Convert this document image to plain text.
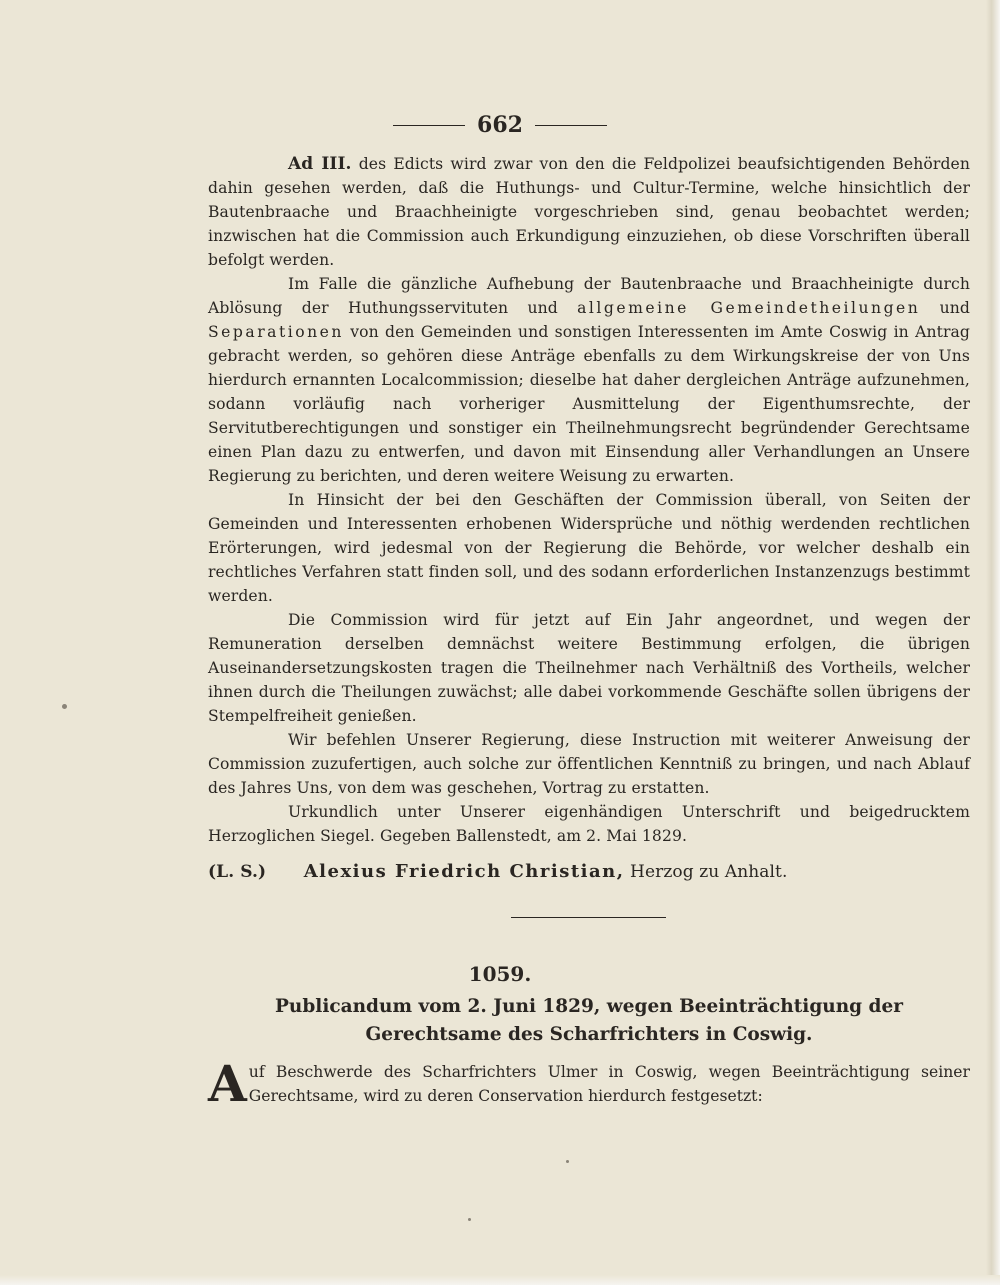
662

Ad III. des Edicts wird zwar von den die Feldpolizei beaufsichtigenden Behörden dahin gesehen werden, daß die Huthungs- und Cultur-Termine, welche hinsichtlich der Bautenbraache und Braachheinigte vorgeschrieben sind, genau beobachtet werden; inzwischen hat die Commission auch Erkundigung einzuziehen, ob diese Vorschriften überall befolgt werden.

Im Falle die gänzliche Aufhebung der Bautenbraache und Braachheinigte durch Ablösung der Huthungsservituten und allgemeine Gemeindetheilungen und Separationen von den Gemeinden und sonstigen Interessenten im Amte Coswig in Antrag gebracht werden, so gehören diese Anträge ebenfalls zu dem Wirkungskreise der von Uns hierdurch ernannten Localcommission; dieselbe hat daher dergleichen Anträge aufzunehmen, sodann vorläufig nach vorheriger Ausmittelung der Eigenthumsrechte, der Servitutberechtigungen und sonstiger ein Theilnehmungsrecht begründender Gerechtsame einen Plan dazu zu entwerfen, und davon mit Einsendung aller Verhandlungen an Unsere Regierung zu berichten, und deren weitere Weisung zu erwarten.

In Hinsicht der bei den Geschäften der Commission überall, von Seiten der Gemeinden und Interessenten erhobenen Widersprüche und nöthig werdenden rechtlichen Erörterungen, wird jedesmal von der Regierung die Behörde, vor welcher deshalb ein rechtliches Verfahren statt finden soll, und des sodann erforderlichen Instanzenzugs bestimmt werden.

Die Commission wird für jetzt auf Ein Jahr angeordnet, und wegen der Remuneration derselben demnächst weitere Bestimmung erfolgen, die übrigen Auseinandersetzungskosten tragen die Theilnehmer nach Verhältniß des Vortheils, welcher ihnen durch die Theilungen zuwächst; alle dabei vorkommende Geschäfte sollen übrigens der Stempelfreiheit genießen.

Wir befehlen Unserer Regierung, diese Instruction mit weiterer Anweisung der Commission zuzufertigen, auch solche zur öffentlichen Kenntniß zu bringen, und nach Ablauf des Jahres Uns, von dem was geschehen, Vortrag zu erstatten.

Urkundlich unter Unserer eigenhändigen Unterschrift und beigedrucktem Herzoglichen Siegel. Gegeben Ballenstedt, am 2. Mai 1829.

(L. S.) Alexius Friedrich Christian, Herzog zu Anhalt.

1059.
Publicandum vom 2. Juni 1829, wegen Beeinträchtigung der Gerechtsame des Scharfrichters in Coswig.
A uf Beschwerde des Scharfrichters Ulmer in Coswig, wegen Beeinträchtigung seiner Gerechtsame, wird zu deren Conservation hierdurch festgesetzt:
